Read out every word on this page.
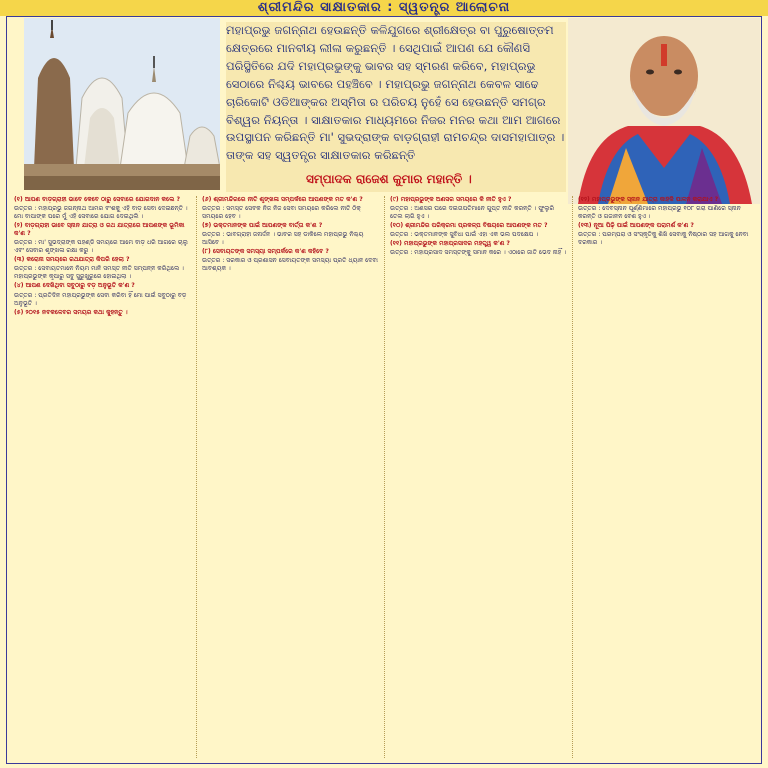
ଶ୍ରୀମନ୍ଦିର ସାକ୍ଷାତକାର : ସ୍ୱତନ୍ତ୍ର ଆଲୋଚନା

ମହାପ୍ରଭୁ ଜଗନ୍ନାଥ ହେଉଛନ୍ତି କଳିଯୁଗରେ ଶ୍ରୀକ୍ଷେତ୍ର ବା ପୁରୁଷୋତ୍ତମ କ୍ଷେତ୍ରରେ ମାନବୀୟ ଲୀଳା କରୁଛନ୍ତି । ସେଥିପାଇଁ ଆପଣ ଯେ କୌଣସି ପରିସ୍ଥିତିରେ ଯଦି ମହାପ୍ରଭୁଙ୍କୁ ଭାବର ସହ ସ୍ମରଣ କରିବେ, ମହାପ୍ରଭୁ ସେଠାରେ ନିଶ୍ଚୟ ଭାବରେ ପହଞ୍ଚିବେ । ମହାପ୍ରଭୁ ଜଗନ୍ନାଥ କେବଳ ସାଢେ ଚାରିକୋଟି ଓଡିଆଙ୍କର ଅସ୍ମିତା ର ପରିଚୟ ନୁହେଁ ସେ ହେଉଛନ୍ତି ସମଗ୍ର ବିଶ୍ୱର ନିୟନ୍ତା । ସାକ୍ଷାତକାର ମାଧ୍ୟମରେ ନିଜର ମନର କଥା ଆମ ଆଗରେ ଉପସ୍ଥାପନ କରିଛନ୍ତି ମା' ସୁଭଦ୍ରାଙ୍କ ବାଡ଼ଗ୍ରାହୀ ରାମଚନ୍ଦ୍ର ଦାସମହାପାତ୍ର । ତାଙ୍କ ସହ ସ୍ୱତନ୍ତ୍ର ସାକ୍ଷାତକାର କରିଛନ୍ତି

ସମ୍ପାଦକ ରାଜେଶ କୁମାର ମହାନ୍ତି ।

(୧) ଆପଣ ବାଡ଼ଗ୍ରାହୀ ଭାବେ କେବେ ଠାରୁ ସେବାରେ ଯୋଗଦାନ କଲେ ?

ଉତ୍ତର : ମହାପ୍ରଭୁ ଜଗନ୍ନାଥ ଆମର ବଂଶକୁ ଏହି ବାଡ଼ ସେବା ଦେଇଛନ୍ତି । ମୋ ବାପାଙ୍କ ପରେ ମୁଁ ଏହି ସେବାରେ ଯୋଗ ଦେଇଥିଲି ।

(୨) ବାଡ଼ଗ୍ରାହୀ ଭାବେ ସ୍ନାନ ଯାତ୍ରା ଓ ରଥ ଯାତ୍ରାରେ ଆପଣଙ୍କ ଭୂମିକା କ'ଣ ?

ଉତ୍ତର : ମା' ସୁଭଦ୍ରାଙ୍କ ପହଣ୍ଡି ସମୟରେ ଆମେ ବାଡ଼ ଧରି ଆଗରେ ଚାଲୁ ଏବଂ ସେବାର ଶୃଙ୍ଖଳା ରକ୍ଷା କରୁ ।

(୩) କରୋନା ସମୟରେ ରଥଯାତ୍ରା କିପରି ହେଲା ?

ଉତ୍ତର : ସେବାୟତମାନେ ନିୟମ ମାନି ସମସ୍ତ ନୀତି ସମ୍ପନ୍ନ କରିଥିଲେ । ମହାପ୍ରଭୁଙ୍କ କୃପାରୁ ସବୁ ସୁରୁଖୁରୁରେ ହୋଇଥିଲା ।

(୪) ଆପଣ ଦେଖିଥିବା ସବୁଠାରୁ ବଡ଼ ଅନୁଭୂତି କ'ଣ ?

ଉତ୍ତର : ପ୍ରତିଦିନ ମହାପ୍ରଭୁଙ୍କ ସେବା କରିବା ହିଁ ମୋ ପାଇଁ ସବୁଠାରୁ ବଡ଼ ଅନୁଭୂତି ।

(୫) ୨୦୧୫ ନବକଳେବର ସମୟର କଥା କୁହନ୍ତୁ ।

(୬) ଶ୍ରୀମନ୍ଦିରରେ ନୀତି ଶୃଙ୍ଖଳା ସମ୍ପର୍କରେ ଆପଣଙ୍କ ମତ କ'ଣ ?

ଉତ୍ତର : ସମସ୍ତ ସେବକ ନିଜ ନିଜ ସେବା ସମୟରେ କରିଲେ ନୀତି ଠିକ୍ ସମୟରେ ହେବ ।

(୭) ଭକ୍ତମାନଙ୍କ ପାଇଁ ଆପଣଙ୍କ ବାର୍ତ୍ତା କ'ଣ ?

ଉତ୍ତର : ଭାବଗ୍ରାହୀ ଜନାର୍ଦ୍ଦନ । ଭାବର ସହ ଡାକିଲେ ମହାପ୍ରଭୁ ନିଶ୍ଚୟ ଆସିବେ ।

(୮) ସେବାୟତଙ୍କ ସମସ୍ୟା ସମ୍ପର୍କରେ କ'ଣ କହିବେ ?

ଉତ୍ତର : ସରକାର ଓ ପ୍ରଶାସନ ସେବାୟତଙ୍କ ସମସ୍ୟା ପ୍ରତି ଧ୍ୟାନ ଦେବା ଆବଶ୍ୟକ ।

(୯) ମହାପ୍ରଭୁଙ୍କ ଅଣସର ସମୟରେ କି ନୀତି ହୁଏ ?

ଉତ୍ତର : ଅଣସର ଘରେ ଦଇତାପତିମାନେ ଗୁପ୍ତ ନୀତି କରନ୍ତି । ଫୁଲୁରି ତେଲ ଲାଗି ହୁଏ ।

(୧୦) ଶ୍ରୀମନ୍ଦିର ପରିକ୍ରମା ପ୍ରକଳ୍ପ ବିଷୟରେ ଆପଣଙ୍କ ମତ ?

ଉତ୍ତର : ଭକ୍ତମାନଙ୍କ ସୁବିଧା ପାଇଁ ଏହା ଏକ ଭଲ ପଦକ୍ଷେପ ।

(୧୧) ମହାପ୍ରଭୁଙ୍କ ମହାପ୍ରସାଦର ମହତ୍ତ୍ୱ କ'ଣ ?

ଉତ୍ତର : ମହାପ୍ରସାଦ ସମସ୍ତଙ୍କୁ ସମାନ କରେ । ଏଠାରେ ଜାତି ଭେଦ ନାହିଁ ।

(୧୨) ମହାପ୍ରଭୁଙ୍କ ସ୍ନାନ ଯାତ୍ରା କାହିଁକି ପାଳନ କରାଯାଏ ?

ଉତ୍ତର : ଦେବସ୍ନାନ ପୂର୍ଣ୍ଣିମାରେ ମହାପ୍ରଭୁ ୧୦୮ ଗରା ପାଣିରେ ସ୍ନାନ କରନ୍ତି ଓ ଗଜାନନ ବେଶ ହୁଏ ।

(୧୩) ନୂଆ ପିଢ଼ି ପାଇଁ ଆପଣଙ୍କ ପରାମର୍ଶ କ'ଣ ?

ଉତ୍ତର : ପରମ୍ପରା ଓ ସଂସ୍କୃତିକୁ ଶିଖି ସେବାକୁ ନିଷ୍ଠାର ସହ ଆଗକୁ ନେବା ଦରକାର ।
